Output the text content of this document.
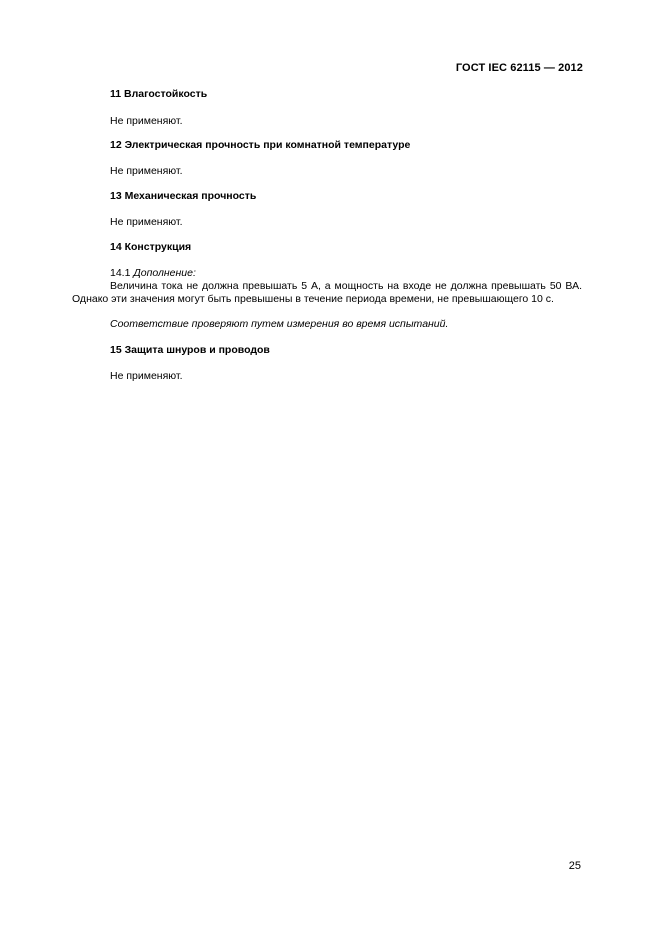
ГОСТ IEC 62115 — 2012
11 Влагостойкость
Не применяют.
12 Электрическая прочность при комнатной температуре
Не применяют.
13 Механическая прочность
Не применяют.
14 Конструкция
14.1 Дополнение:
Величина тока не должна превышать 5 А, а мощность на входе не должна превышать 50 ВА. Однако эти значения могут быть превышены в течение периода времени, не превышающего 10 с.
Соответствие проверяют путем измерения во время испытаний.
15 Защита шнуров и проводов
Не применяют.
25
